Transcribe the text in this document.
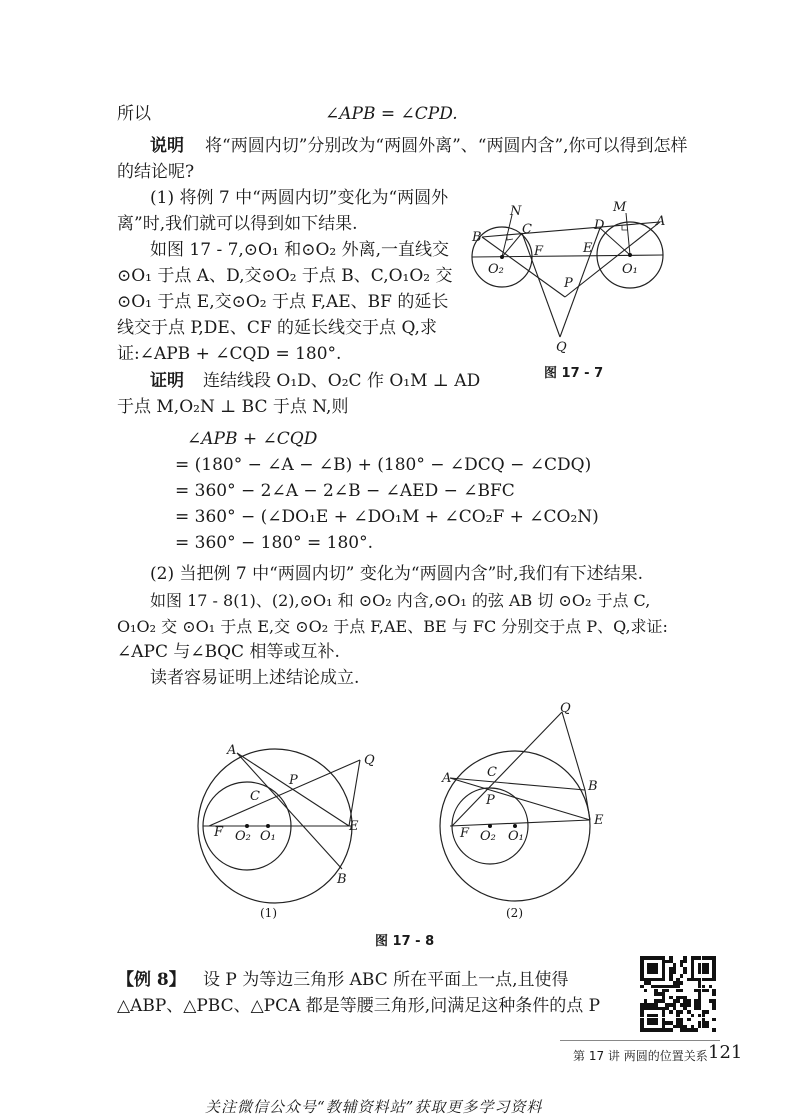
所以	∠APB = ∠CPD.
说明 将“两圆内切”分别改为“两圆外离”、“两圆内含”,你可以得到怎样
的结论呢?
(1) 将例 7 中“两圆内切”变化为“两圆外
离”时,我们就可以得到如下结果.
如图 17 - 7,⊙O₁ 和⊙O₂ 外离,一直线交
⊙O₁ 于点 A、D,交⊙O₂ 于点 B、C,O₁O₂ 交
⊙O₁ 于点 E,交⊙O₂ 于点 F,AE、BF 的延长
线交于点 P,DE、CF 的延长线交于点 Q,求
证:∠APB + ∠CQD = 180°.
证明 连结线段 O₁D、O₂C 作 O₁M ⊥ AD
于点 M,O₂N ⊥ BC 于点 N,则
∠APB + ∠CQD
= (180° − ∠A − ∠B) + (180° − ∠DCQ − ∠CDQ)
= 360° − 2∠A − 2∠B − ∠AED − ∠BFC
= 360° − (∠DO₁E + ∠DO₁M + ∠CO₂F + ∠CO₂N)
= 360° − 180° = 180°.
(2) 当把例 7 中“两圆内切” 变化为“两圆内含”时,我们有下述结果.
如图 17 - 8(1)、(2),⊙O₁ 和 ⊙O₂ 内含,⊙O₁ 的弦 AB 切 ⊙O₂ 于点 C,
O₁O₂ 交 ⊙O₁ 于点 E,交 ⊙O₂ 于点 F,AE、BE 与 FC 分别交于点 P、Q,求证:
∠APC 与∠BQC 相等或互补.
读者容易证明上述结论成立.
N	M
A
B
C	D
E
F
P
Q
O₁
O₂
图 17 - 7
A
B
C
P
Q
E
F	O₁
O₂
(1)
A
B
C
P
Q
E
F	O₁
O₂
(2)
图 17 - 8
【例 8】 设 P 为等边三角形 ABC 所在平面上一点,且使得
△ABP、△PBC、△PCA 都是等腰三角形,问满足这种条件的点 P
第 17 讲 两圆的位置关系 121
关注微信公众号“教辅资料站”获取更多学习资料
